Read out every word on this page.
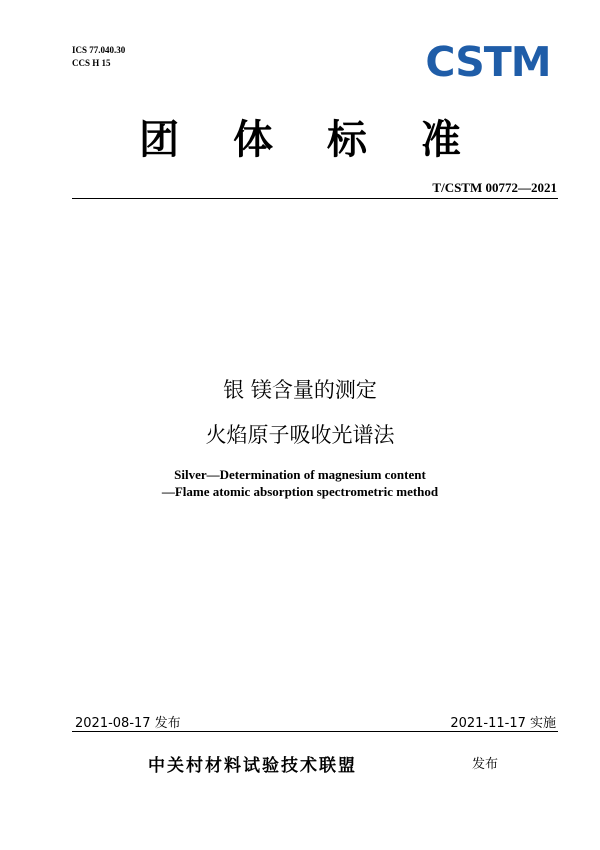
ICS 77.040.30
CCS H 15	CSTM
团 体 标 准
T/CSTM 00772—2021
银 镁含量的测定
火焰原子吸收光谱法
Silver—Determination of magnesium content
—Flame atomic absorption spectrometric method
2021-08-17 发布	2021-11-17 实施
中关村材料试验技术联盟	发布
